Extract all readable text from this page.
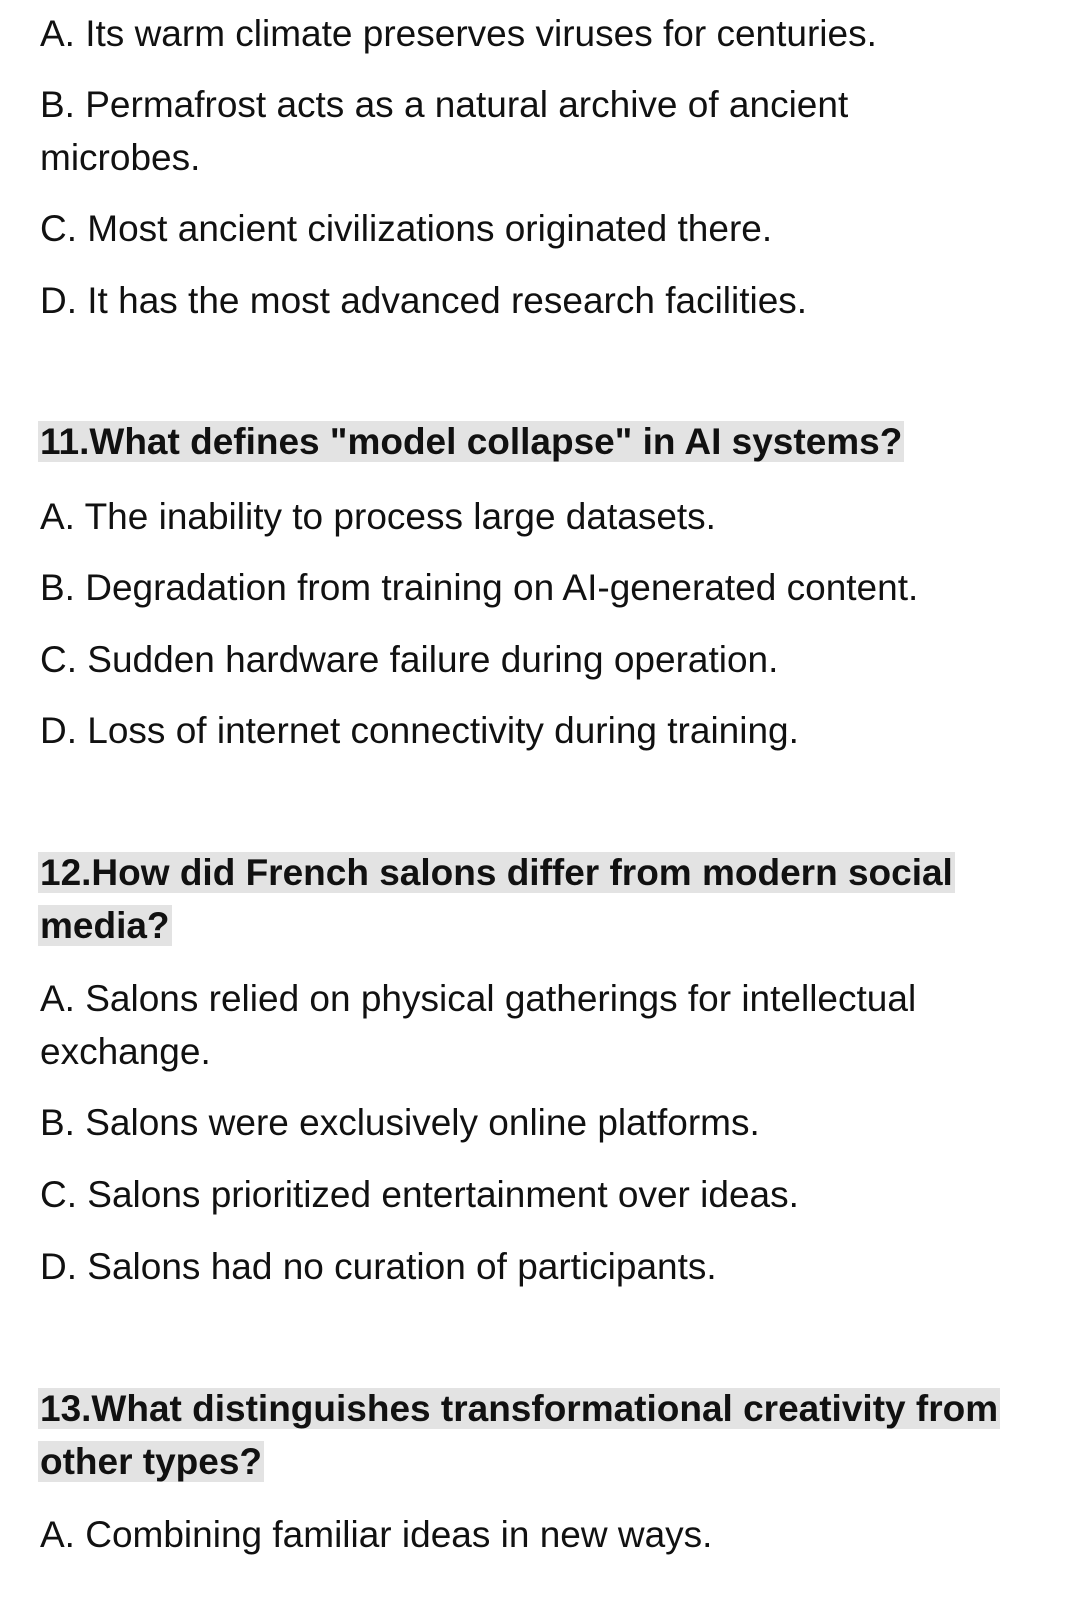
A. Its warm climate preserves viruses for centuries.
B. Permafrost acts as a natural archive of ancient
microbes.
C. Most ancient civilizations originated there.
D. It has the most advanced research facilities.
11.What defines "model collapse" in AI systems?
A. The inability to process large datasets.
B. Degradation from training on AI-generated content.
C. Sudden hardware failure during operation.
D. Loss of internet connectivity during training.
12.How did French salons differ from modern social
media?
A. Salons relied on physical gatherings for intellectual
exchange.
B. Salons were exclusively online platforms.
C. Salons prioritized entertainment over ideas.
D. Salons had no curation of participants.
13.What distinguishes transformational creativity from
other types?
A. Combining familiar ideas in new ways.
